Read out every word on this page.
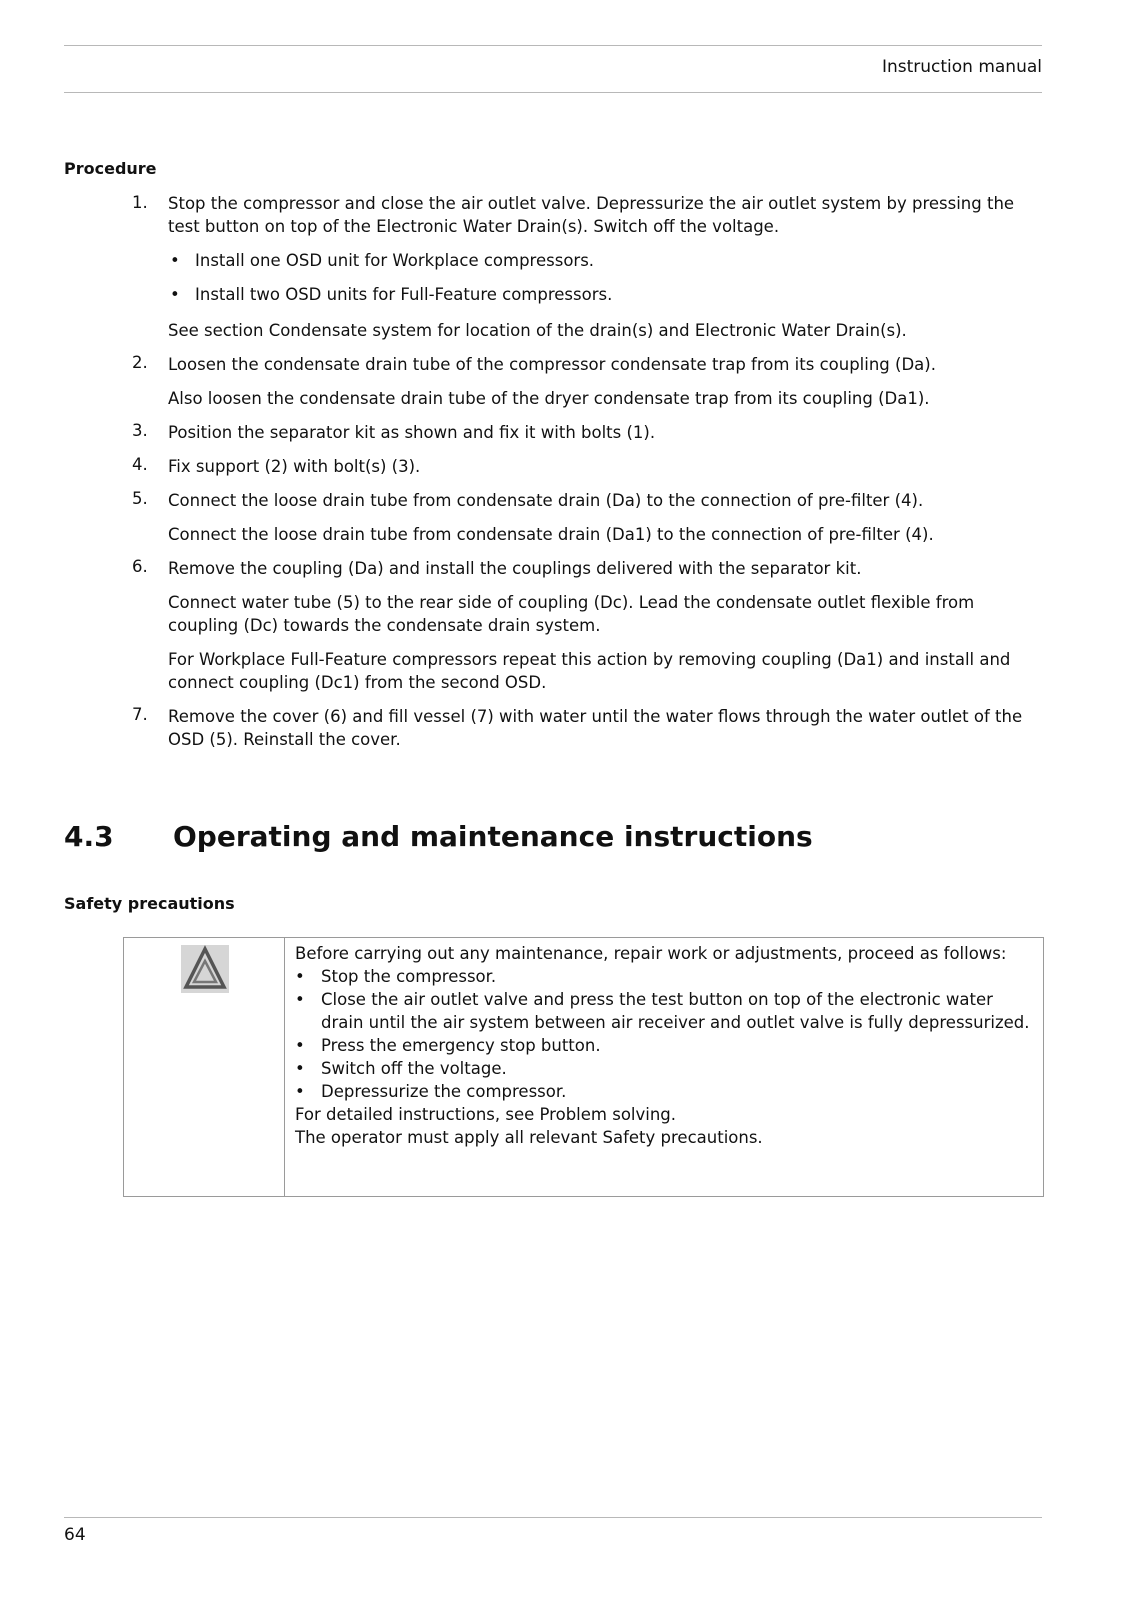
Instruction manual
Procedure
1.	Stop the compressor and close the air outlet valve. Depressurize the air outlet system by pressing the test button on top of the Electronic Water Drain(s). Switch off the voltage.
• Install one OSD unit for Workplace compressors.
• Install two OSD units for Full-Feature compressors.
See section Condensate system for location of the drain(s) and Electronic Water Drain(s).
2.	Loosen the condensate drain tube of the compressor condensate trap from its coupling (Da).
Also loosen the condensate drain tube of the dryer condensate trap from its coupling (Da1).
3.	Position the separator kit as shown and fix it with bolts (1).
4.	Fix support (2) with bolt(s) (3).
5.	Connect the loose drain tube from condensate drain (Da) to the connection of pre-filter (4).
Connect the loose drain tube from condensate drain (Da1) to the connection of pre-filter (4).
6.	Remove the coupling (Da) and install the couplings delivered with the separator kit.
Connect water tube (5) to the rear side of coupling (Dc). Lead the condensate outlet flexible from coupling (Dc) towards the condensate drain system.
For Workplace Full-Feature compressors repeat this action by removing coupling (Da1) and install and connect coupling (Dc1) from the second OSD.
7.	Remove the cover (6) and fill vessel (7) with water until the water flows through the water outlet of the OSD (5). Reinstall the cover.
4.3 Operating and maintenance instructions
Safety precautions
Before carrying out any maintenance, repair work or adjustments, proceed as follows:
• Stop the compressor.
• Close the air outlet valve and press the test button on top of the electronic water drain until the air system between air receiver and outlet valve is fully depressurized.
• Press the emergency stop button.
• Switch off the voltage.
• Depressurize the compressor.
For detailed instructions, see Problem solving.
The operator must apply all relevant Safety precautions.
64
